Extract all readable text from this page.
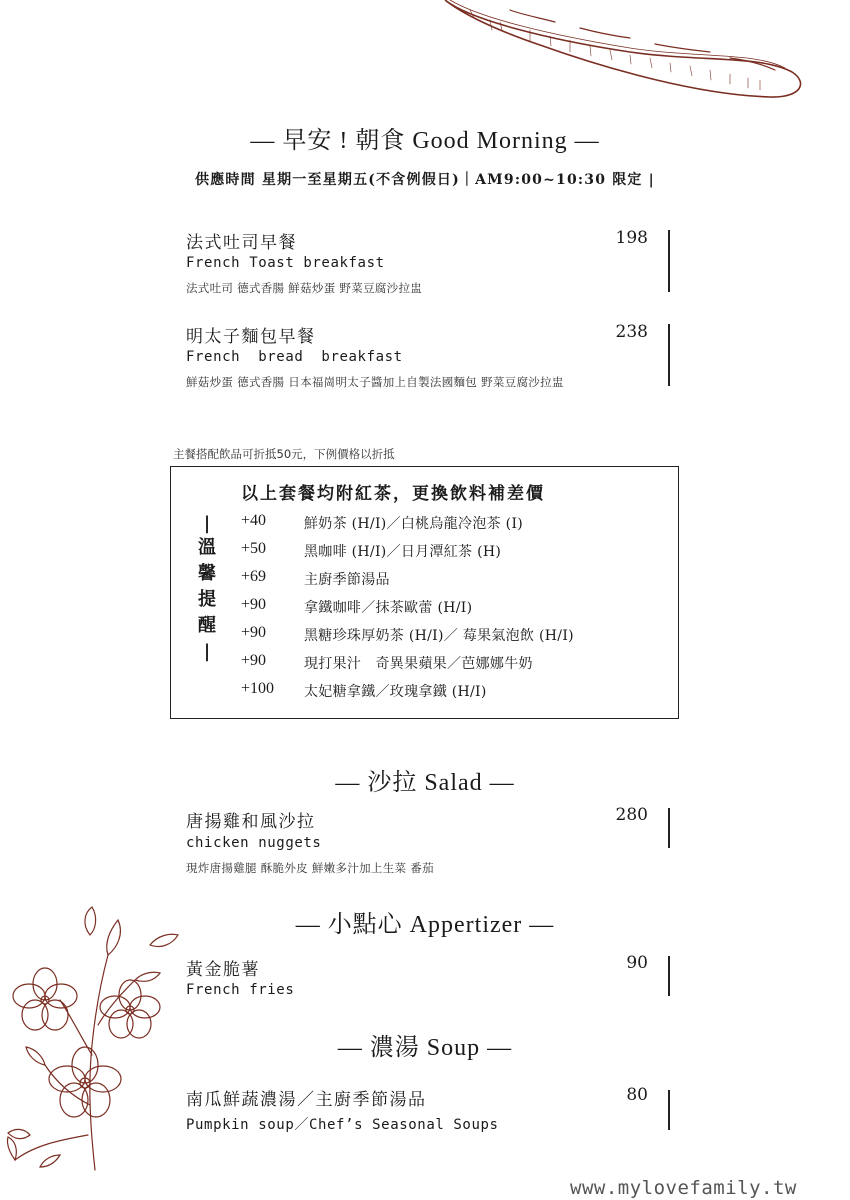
— 早安 ! 朝食 Good Morning —
供應時間 星期一至星期五(不含例假日)｜AM9:00~10:30 限定 |
法式吐司早餐
French Toast breakfast
法式吐司 德式香腸 鮮菇炒蛋 野菜豆腐沙拉盅
198
明太子麵包早餐
French  bread  breakfast
鮮菇炒蛋 德式香腸 日本福崗明太子醬加上自製法國麵包 野菜豆腐沙拉盅
238
主餐搭配飲品可折抵50元，下例價格以折抵
以上套餐均附紅茶，更換飲料補差價
|
溫
馨
提
醒
|
+40	鮮奶茶 (H/I)／白桃烏龍冷泡茶 (I)
+50	黑咖啡 (H/I)／日月潭紅茶 (H)
+69	主廚季節湯品
+90	拿鐵咖啡／抹茶歐蕾 (H/I)
+90	黑糖珍珠厚奶茶 (H/I)／ 莓果氣泡飲 (H/I)
+90	現打果汁　奇異果蘋果／芭娜娜牛奶
+100 太妃糖拿鐵／玫瑰拿鐵 (H/I)
— 沙拉 Salad —
唐揚雞和風沙拉
chicken nuggets
現炸唐揚雞腿 酥脆外皮 鮮嫩多汁加上生菜 番茄
280
— 小點心 Appertizer —
黃金脆薯
French fries
90
— 濃湯 Soup —
南瓜鮮蔬濃湯／主廚季節湯品
Pumpkin soup／Chef’s Seasonal Soups
80
www.mylovefamily.tw
